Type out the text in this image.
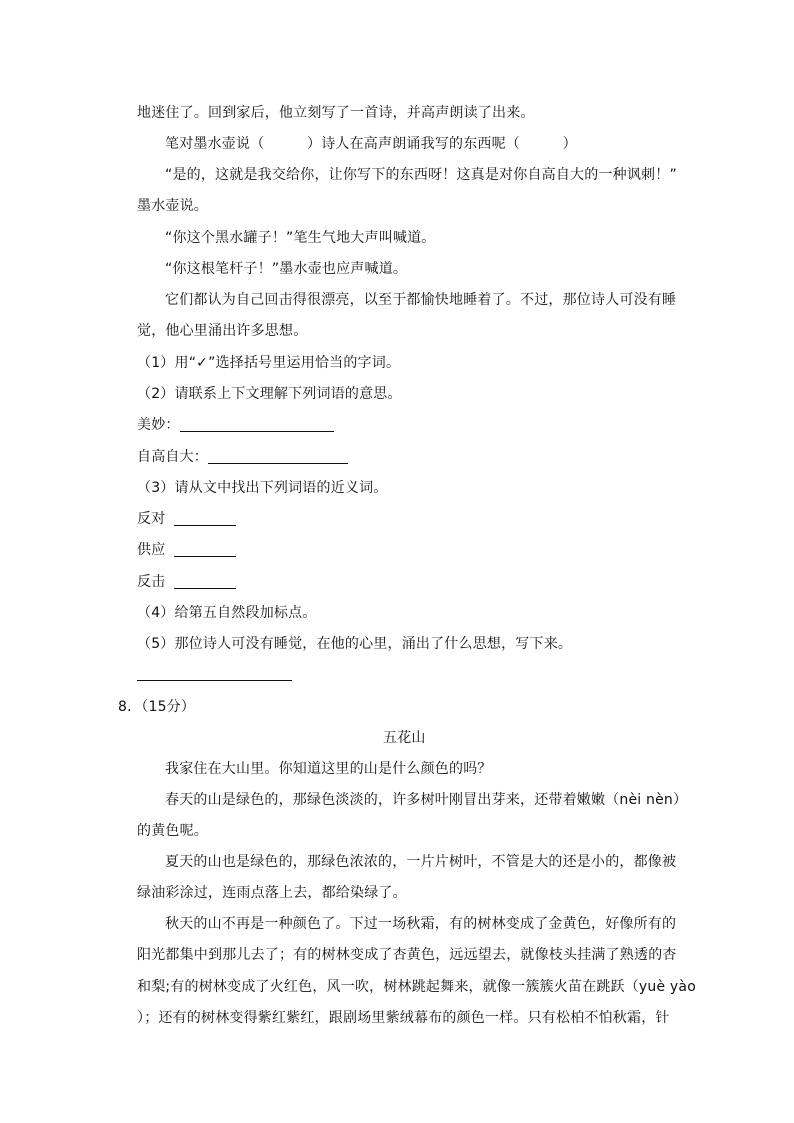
地迷住了。回到家后，他立刻写了一首诗，并高声朗读了出来。
笔对墨水壶说（　　　）诗人在高声朗诵我写的东西呢（　　　）
“是的，这就是我交给你，让你写下的东西呀！这真是对你自高自大的一种讽刺！”
墨水壶说。
“你这个黑水罐子！”笔生气地大声叫喊道。
“你这根笔杆子！”墨水壶也应声喊道。
它们都认为自己回击得很漂亮，以至于都愉快地睡着了。不过，那位诗人可没有睡
觉，他心里涌出许多思想。
（1）用“✓”选择括号里运用恰当的字词。
（2）请联系上下文理解下列词语的意思。
美妙：
自高自大：
（3）请从文中找出下列词语的近义词。
反对
供应
反击
（4）给第五自然段加标点。
（5）那位诗人可没有睡觉，在他的心里，涌出了什么思想，写下来。
8．（15分）
五花山
我家住在大山里。你知道这里的山是什么颜色的吗？
春天的山是绿色的，那绿色淡淡的，许多树叶刚冒出芽来，还带着嫩嫩（nèi nèn）
的黄色呢。
夏天的山也是绿色的，那绿色浓浓的，一片片树叶，不管是大的还是小的，都像被
绿油彩涂过，连雨点落上去，都给染绿了。
秋天的山不再是一种颜色了。下过一场秋霜，有的树林变成了金黄色，好像所有的
阳光都集中到那儿去了；有的树林变成了杏黄色，远远望去，就像枝头挂满了熟透的杏
和梨;有的树林变成了火红色，风一吹，树林跳起舞来，就像一簇簇火苗在跳跃（yuè yào
）；还有的树林变得紫红紫红，跟剧场里紫绒幕布的颜色一样。只有松柏不怕秋霜，针
